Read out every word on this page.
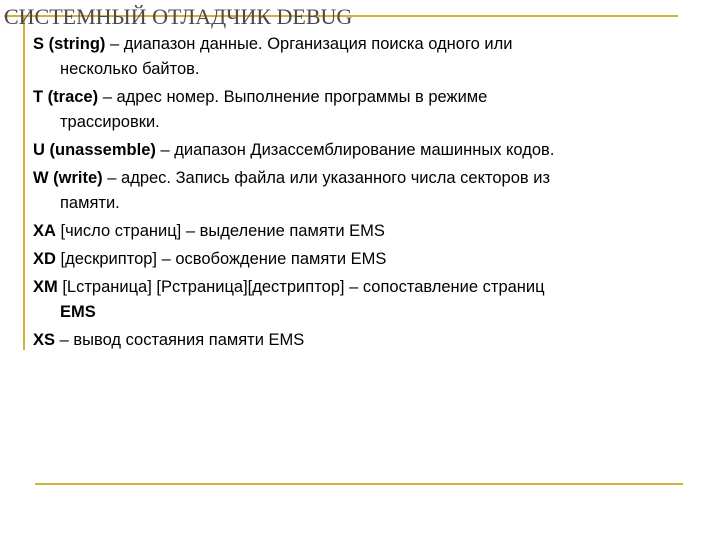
СИСТЕМНЫЙ ОТЛАДЧИК DEBUG
S (string) – диапазон данные. Организация поиска одного или
несколько байтов.
T (trace) – адрес номер. Выполнение программы в режиме
трассировки.
U (unassemble) – диапазон Дизассемблирование машинных кодов.
W (write) – адрес. Запись файла или указанного числа секторов из
памяти.
XA [число страниц] – выделение памяти EMS
XD [дескриптор] – освобождение памяти EMS
XM [Lстраница] [Pстраница][дестриптор] – сопоставление страниц
EMS
XS – вывод состаяния памяти EMS
